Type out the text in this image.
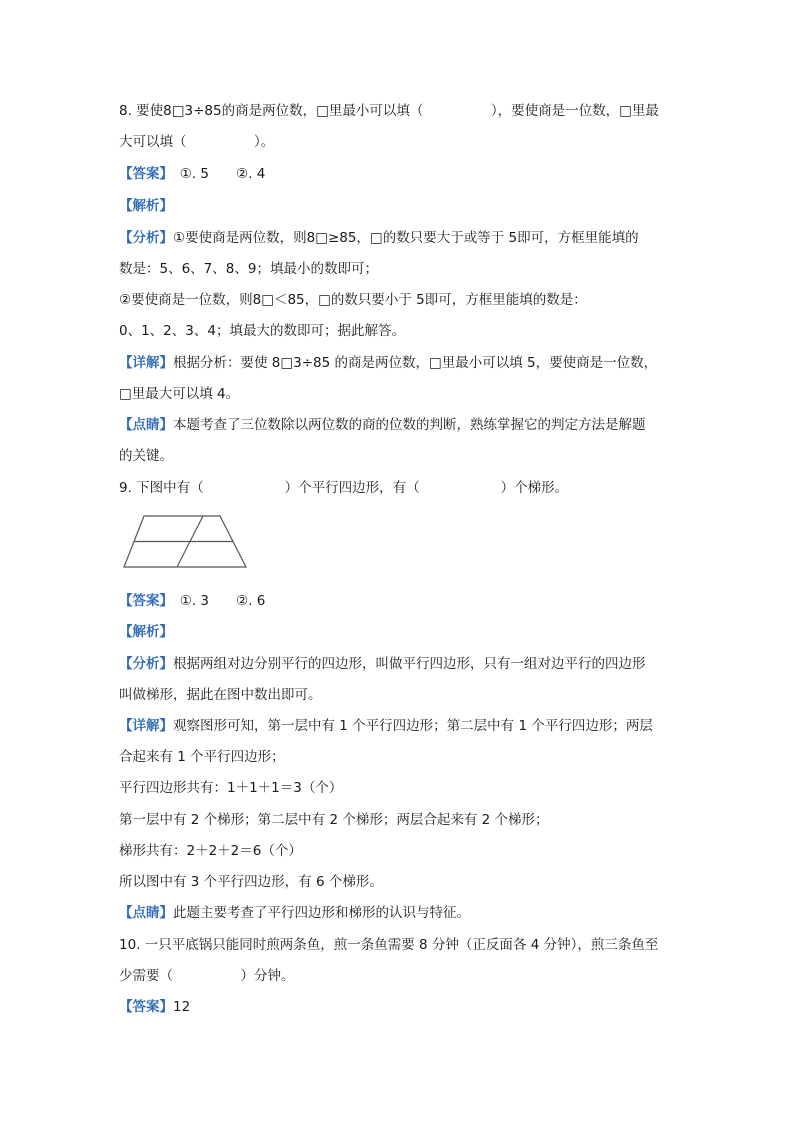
8. 要使8□3÷85的商是两位数，□里最小可以填（　　　　　），要使商是一位数，□里最
大可以填（　　　　　）。
【答案】　①. 5　　②. 4
【解析】
【分析】①要使商是两位数，则8□≥85，□的数只要大于或等于 5即可，方框里能填的
数是：5、6、7、8、9；填最小的数即可；
②要使商是一位数，则8□＜85，□的数只要小于 5即可，方框里能填的数是：
0、1、2、3、4；填最大的数即可；据此解答。
【详解】根据分析：要使 8□3÷85 的商是两位数，□里最小可以填 5，要使商是一位数，
□里最大可以填 4。
【点睛】本题考查了三位数除以两位数的商的位数的判断，熟练掌握它的判定方法是解题
的关键。
9. 下图中有（　　　　　　）个平行四边形，有（　　　　　　）个梯形。
【答案】　①. 3　　②. 6
【解析】
【分析】根据两组对边分别平行的四边形，叫做平行四边形，只有一组对边平行的四边形
叫做梯形，据此在图中数出即可。
【详解】观察图形可知，第一层中有 1 个平行四边形；第二层中有 1 个平行四边形；两层
合起来有 1 个平行四边形；
平行四边形共有：1＋1＋1＝3（个）
第一层中有 2 个梯形；第二层中有 2 个梯形；两层合起来有 2 个梯形；
梯形共有：2＋2＋2＝6（个）
所以图中有 3 个平行四边形，有 6 个梯形。
【点睛】此题主要考查了平行四边形和梯形的认识与特征。
10. 一只平底锅只能同时煎两条鱼，煎一条鱼需要 8 分钟（正反面各 4 分钟），煎三条鱼至
少需要（　　　　　）分钟。
【答案】12
